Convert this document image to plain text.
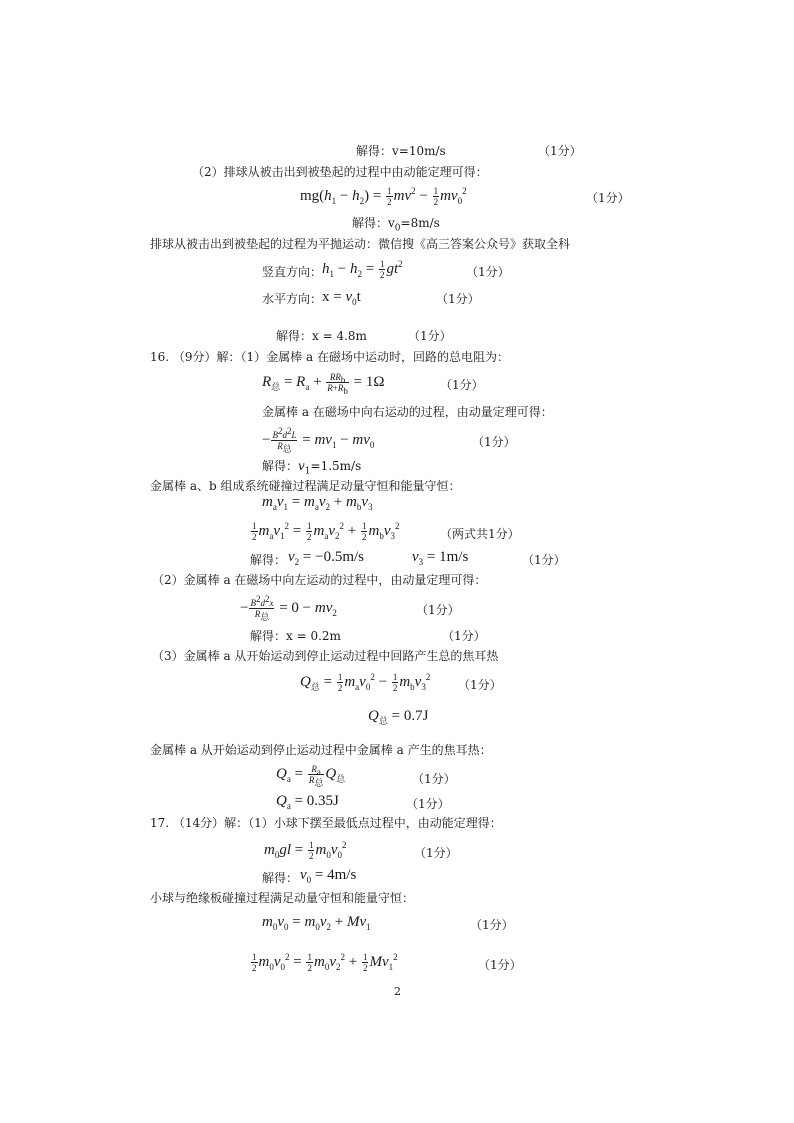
解得：v=10m/s	（1分）
（2）排球从被击出到被垫起的过程中由动能定理可得：
$mg(h_1 - h_2) = \frac{1}{2} mv^2 - \frac{1}{2} mv_0^2$
（1分）
解得：$v_0=8m/s$
排球从被击出到被垫起的过程为平抛运动：微信搜《高三答案公众号》获取全科
竖直方向： $h_1 - h_2 = \frac{1}{2} gt^2$
（1分）
水平方向： $x = v_0t$	（1分）
解得：x = 4.8m	（1分）
16. （9分）解：（1）金属棒 a 在磁场中运动时，回路的总电阻为：
$R_总 = R_a + RR_b$
$R+R_b$
= 1Ω	（1分）
金属棒 a 在磁场中向右运动的过程，由动量定理可得：
− $B^2d^2L$
$R_总$
= $mv_1 - mv_0$	（1分）
解得：$v_1=1.5m/s$
金属棒 a、b 组成系统碰撞过程满足动量守恒和能量守恒：
$m_av_1 = m_av_2 + m_bv_3$
$\frac{1}{2} m_av_1^2 = \frac{1}{2} m_av_2^2 + \frac{1}{2} m_bv_3^2$
（两式共1分）
解得： $v_2 = -0.5m/s$	$v_3 = 1m/s$	（1分）
（2）金属棒 a 在磁场中向左运动的过程中，由动量定理可得：
− $B^2d^2x$
$R_总$
= $0 - mv_2$	（1分）
解得：x = 0.2m	（1分）
（3）金属棒 a 从开始运动到停止运动过程中回路产生总的焦耳热
$Q_总 = \frac{1}{2} m_av_0^2 - \frac{1}{2} m_bv_3^2$
（1分）
$Q_总 = 0.7J$
金属棒 a 从开始运动到停止运动过程中金属棒 a 产生的焦耳热：
$Q_a = R_a$
$R_总$
$Q_总$	（1分）
$Q_a = 0.35J$	（1分）
17. （14分）解：（1）小球下摆至最低点过程中，由动能定理得：
$m_0gl = \frac{1}{2} m_0v_0^2$
（1分）
解得： $v_0 = 4m/s$
小球与绝缘板碰撞过程满足动量守恒和能量守恒：
$m_0v_0 = m_0v_2 + Mv_1$	（1分）
$\frac{1}{2} m_0v_0^2 = \frac{1}{2} m_0v_2^2 + \frac{1}{2} Mv_1^2$
（1分）
2
